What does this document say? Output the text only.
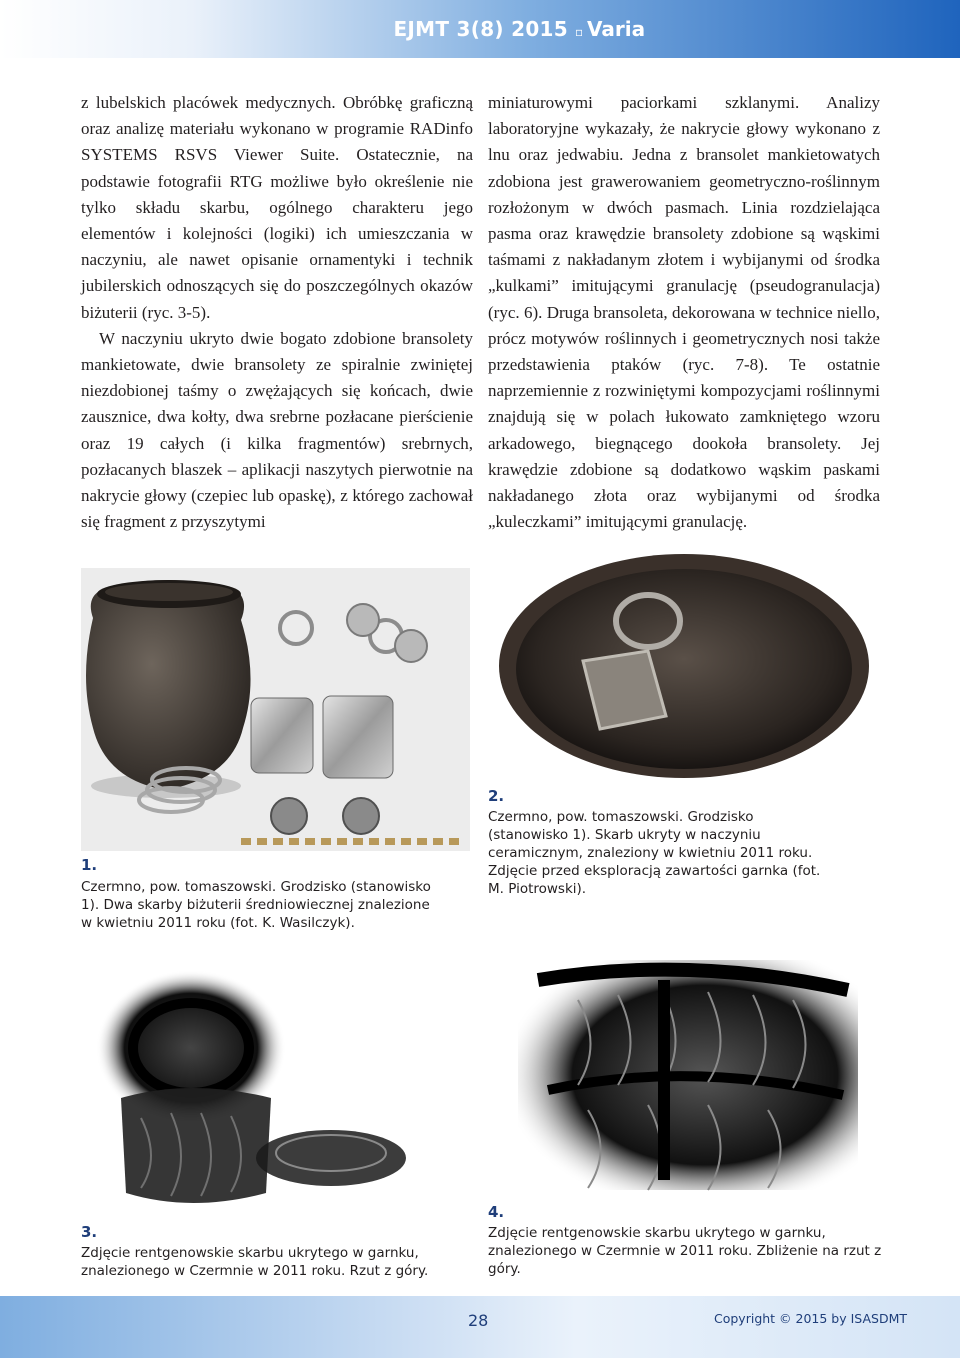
EJMT 3(8) 2015 ▫ Varia

z lubelskich placówek medycznych. Obróbkę graficzną oraz analizę materiału wykonano w programie RADinfo SYSTEMS RSVS Viewer Suite. Ostatecznie, na podstawie fotografii RTG możliwe było określenie nie tylko składu skarbu, ogólnego charakteru jego elementów i kolejności (logiki) ich umieszczania w naczyniu, ale nawet opisanie ornamentyki i technik jubilerskich odnoszących się do poszczególnych okazów biżuterii (ryc. 3-5).

W naczyniu ukryto dwie bogato zdobione bransolety mankietowate, dwie bransolety ze spiralnie zwiniętej niezdobionej taśmy o zwężających się końcach, dwie zausznice, dwa kołty, dwa srebrne pozłacane pierścienie oraz 19 całych (i kilka fragmentów) srebrnych, pozłacanych blaszek – aplikacji naszytych pierwotnie na nakrycie głowy (czepiec lub opaskę), z którego zachował się fragment z przyszytymi

miniaturowymi paciorkami szklanymi. Analizy laboratoryjne wykazały, że nakrycie głowy wykonano z lnu oraz jedwabiu. Jedna z bransolet mankietowatych zdobiona jest grawerowaniem geometryczno-roślinnym rozłożonym w dwóch pasmach. Linia rozdzielająca pasma oraz krawędzie bransolety zdobione są wąskimi taśmami z nakładanym złotem i wybijanymi od środka „kulkami” imitującymi granulację (pseudogranulacja) (ryc. 6). Druga bransoleta, dekorowana w technice niello, prócz motywów roślinnych i geometrycznych nosi także przedstawienia ptaków (ryc. 7-8). Te ostatnie naprzemiennie z rozwiniętymi kompozycjami roślinnymi znajdują się w polach łukowato zamkniętego wzoru arkadowego, biegnącego dookoła bransolety. Jej krawędzie zdobione są dodatkowo wąskim paskami nakładanego złota oraz wybijanymi od środka „kuleczkami” imitującymi granulację.

1.
Czermno, pow. tomaszowski. Grodzisko (stanowisko 1). Dwa skarby biżuterii średniowiecznej znalezione w kwietniu 2011 roku (fot. K. Wasilczyk).
2.
Czermno, pow. tomaszowski. Grodzisko (stanowisko 1). Skarb ukryty w naczyniu ceramicznym, znaleziony w kwietniu 2011 roku. Zdjęcie przed eksploracją zawartości garnka (fot. M. Piotrowski).
3.
Zdjęcie rentgenowskie skarbu ukrytego w garnku, znalezionego w Czermnie w 2011 roku. Rzut z góry.
4.
Zdjęcie rentgenowskie skarbu ukrytego w garnku, znalezionego w Czermnie w 2011 roku. Zbliżenie na rzut z góry.
28	Copyright © 2015 by ISASDMT
